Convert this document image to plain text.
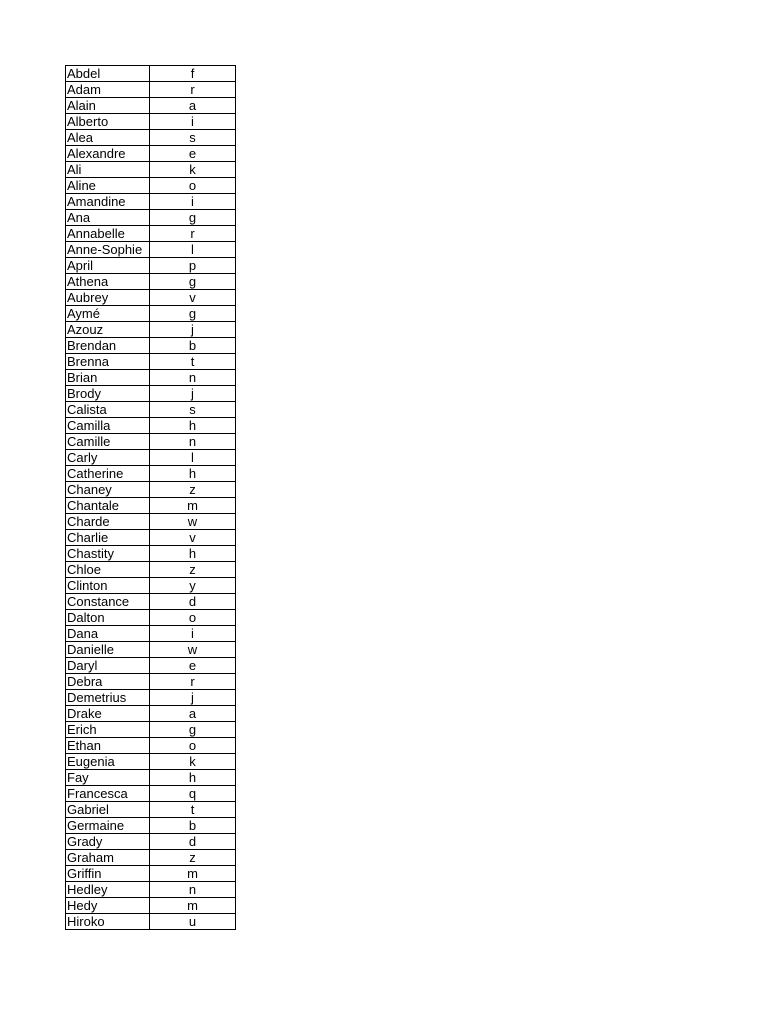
Abdel	f
Adam	r
Alain	a
Alberto	i
Alea	s
Alexandre	e
Ali	k
Aline	o
Amandine	i
Ana	g
Annabelle	r
Anne-Sophie	l
April	p
Athena	g
Aubrey	v
Aymé	g
Azouz	j
Brendan	b
Brenna	t
Brian	n
Brody	j
Calista	s
Camilla	h
Camille	n
Carly	l
Catherine	h
Chaney	z
Chantale	m
Charde	w
Charlie	v
Chastity	h
Chloe	z
Clinton	y
Constance	d
Dalton	o
Dana	i
Danielle	w
Daryl	e
Debra	r
Demetrius	j
Drake	a
Erich	g
Ethan	o
Eugenia	k
Fay	h
Francesca	q
Gabriel	t
Germaine	b
Grady	d
Graham	z
Griffin	m
Hedley	n
Hedy	m
Hiroko	u
